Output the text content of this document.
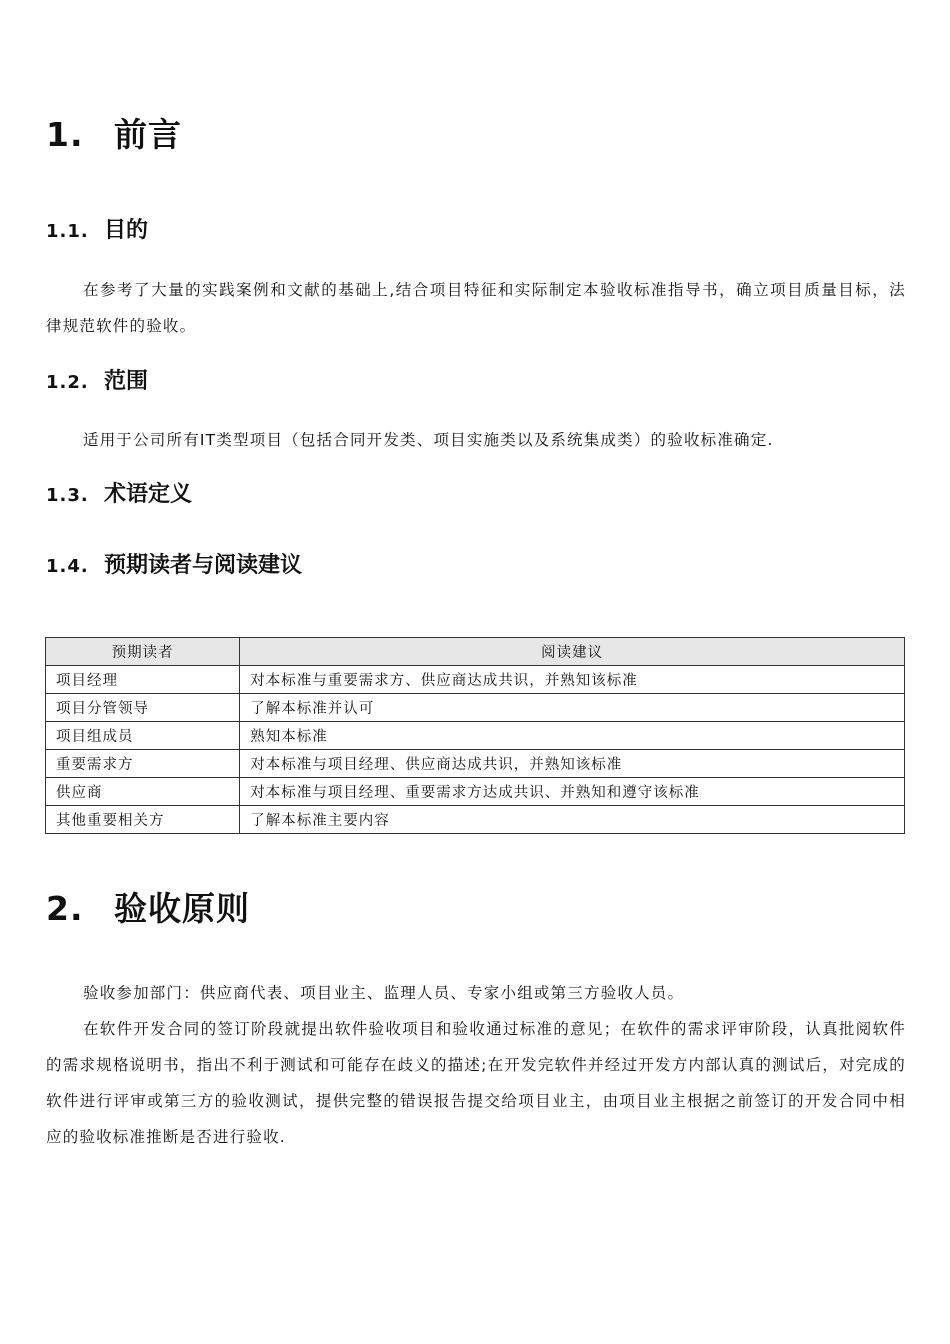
1. 前言
1.1. 目的
在参考了大量的实践案例和文献的基础上,结合项目特征和实际制定本验收标准指导书，确立项目质量目标，法律规范软件的验收。
1.2. 范围
适用于公司所有IT类型项目（包括合同开发类、项目实施类以及系统集成类）的验收标准确定.
1.3. 术语定义
1.4. 预期读者与阅读建议
预期读者	阅读建议
项目经理	对本标准与重要需求方、供应商达成共识，并熟知该标准
项目分管领导	了解本标准并认可
项目组成员	熟知本标准
重要需求方	对本标准与项目经理、供应商达成共识，并熟知该标准
供应商	对本标准与项目经理、重要需求方达成共识、并熟知和遵守该标准
其他重要相关方	了解本标准主要内容
2. 验收原则
验收参加部门：供应商代表、项目业主、监理人员、专家小组或第三方验收人员。
在软件开发合同的签订阶段就提出软件验收项目和验收通过标准的意见；在软件的需求评审阶段，认真批阅软件的需求规格说明书，指出不利于测试和可能存在歧义的描述;在开发完软件并经过开发方内部认真的测试后，对完成的软件进行评审或第三方的验收测试，提供完整的错误报告提交给项目业主，由项目业主根据之前签订的开发合同中相应的验收标准推断是否进行验收.
